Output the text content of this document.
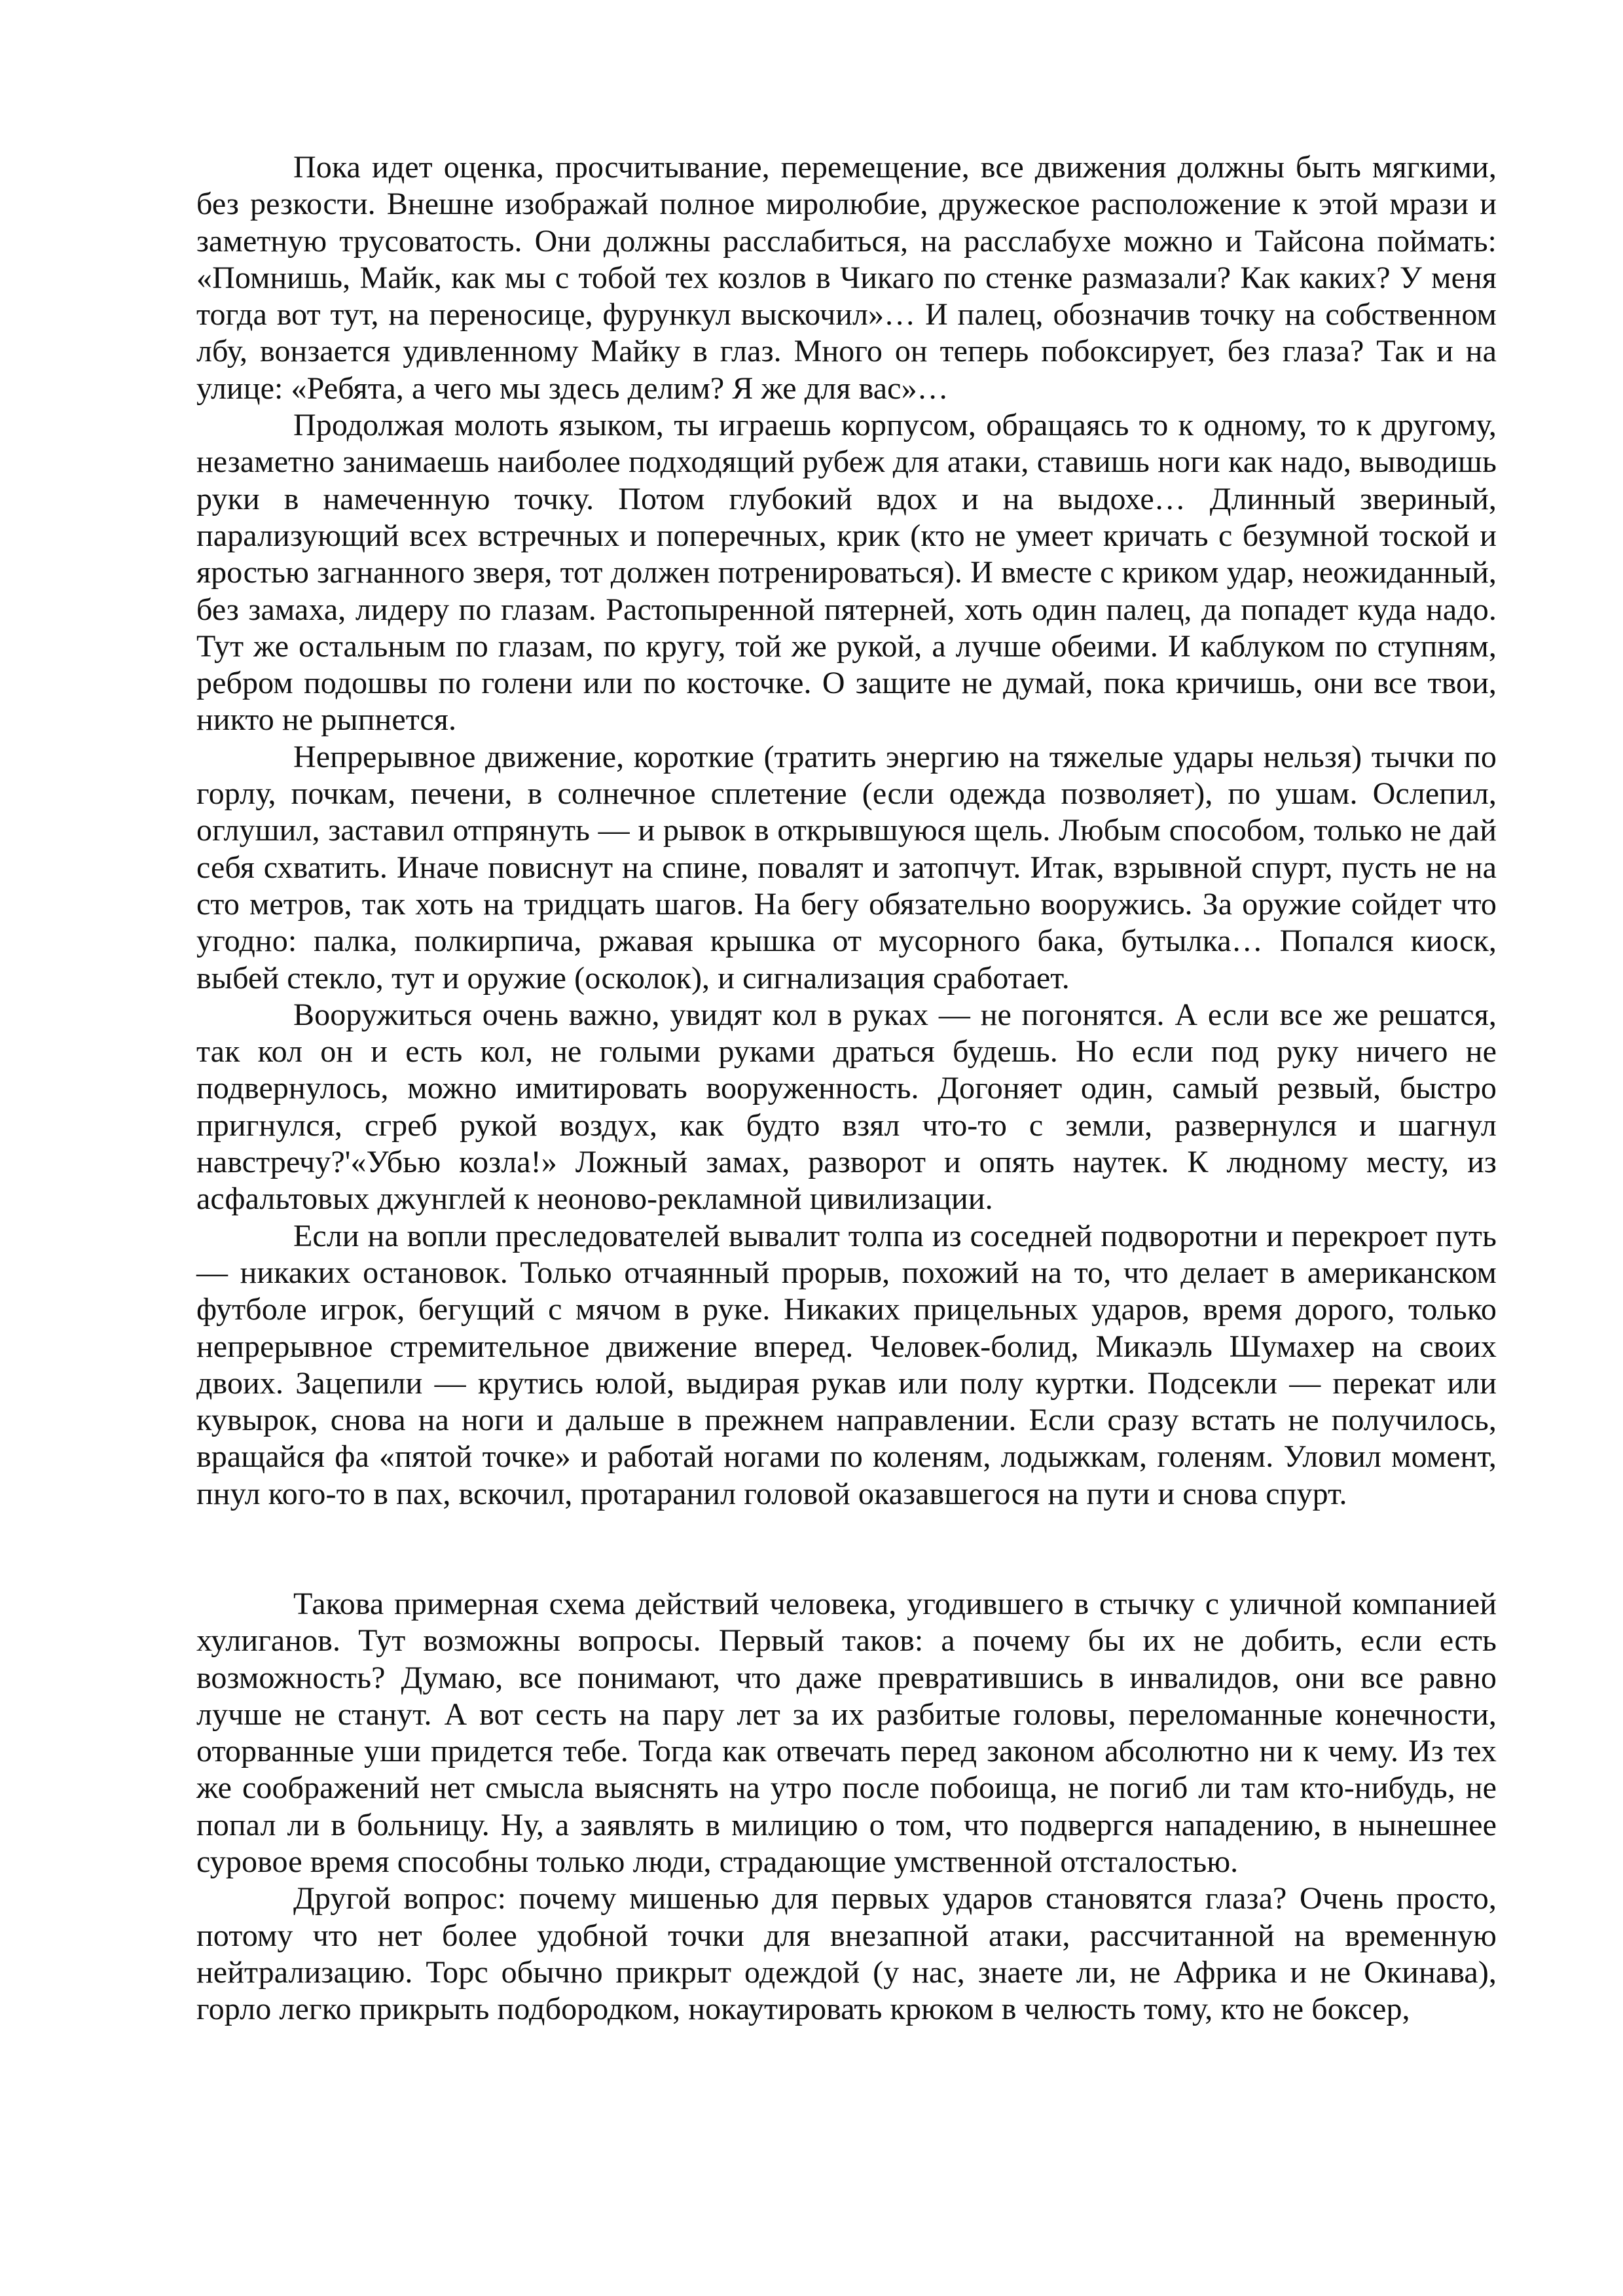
Пока идет оценка, просчитывание, перемещение, все движения должны быть мягкими, без резкости. Внешне изображай полное миролюбие, дружеское расположение к этой мрази и заметную трусоватость. Они должны расслабиться, на расслабухе можно и Тайсона поймать: «Помнишь, Майк, как мы с тобой тех козлов в Чикаго по стенке размазали? Как каких? У меня тогда вот тут, на переносице, фурункул выскочил»… И палец, обозначив точку на собственном лбу, вонзается удивленному Майку в глаз. Много он теперь побоксирует, без глаза? Так и на улице: «Ребята, а чего мы здесь делим? Я же для вас»…

Продолжая молоть языком, ты играешь корпусом, обращаясь то к одному, то к другому, незаметно занимаешь наиболее подходящий рубеж для атаки, ставишь ноги как надо, выводишь руки в намеченную точку. Потом глубокий вдох и на выдохе… Длинный звериный, парализующий всех встречных и поперечных, крик (кто не умеет кричать с безумной тоской и яростью загнанного зверя, тот должен потренироваться). И вместе с криком удар, неожиданный, без замаха, лидеру по глазам. Растопыренной пятерней, хоть один палец, да попадет куда надо. Тут же остальным по глазам, по кругу, той же рукой, а лучше обеими. И каблуком по ступням, ребром подошвы по голени или по косточке. О защите не думай, пока кричишь, они все твои, никто не рыпнется.

Непрерывное движение, короткие (тратить энергию на тяжелые удары нельзя) тычки по горлу, почкам, печени, в солнечное сплетение (если одежда позволяет), по ушам. Ослепил, оглушил, заставил отпрянуть — и рывок в открывшуюся щель. Любым способом, только не дай себя схватить. Иначе повиснут на спине, повалят и затопчут. Итак, взрывной спурт, пусть не на сто метров, так хоть на тридцать шагов. На бегу обязательно вооружись. За оружие сойдет что угодно: палка, полкирпича, ржавая крышка от мусорного бака, бутылка… Попался киоск, выбей стекло, тут и оружие (осколок), и сигнализация сработает.

Вооружиться очень важно, увидят кол в руках — не погонятся. А если все же решатся, так кол он и есть кол, не голыми руками драться будешь. Но если под руку ничего не подвернулось, можно имитировать вооруженность. Догоняет один, самый резвый, быстро пригнулся, сгреб рукой воздух, как будто взял что-то с земли, развернулся и шагнул навстречу?'«Убью козла!» Ложный замах, разворот и опять наутек. К людному месту, из асфальтовых джунглей к неоново-рекламной цивилизации.

Если на вопли преследователей вывалит толпа из соседней подворотни и перекроет путь — никаких остановок. Только отчаянный прорыв, похожий на то, что делает в американском футболе игрок, бегущий с мячом в руке. Никаких прицельных ударов, время дорого, только непрерывное стремительное движение вперед. Человек-болид, Микаэль Шумахер на своих двоих. Зацепили — крутись юлой, выдирая рукав или полу куртки. Подсекли — перекат или кувырок, снова на ноги и дальше в прежнем направлении. Если сразу встать не получилось, вращайся фа «пятой точке» и работай ногами по коленям, лодыжкам, голеням. Уловил момент, пнул кого-то в пах, вскочил, протаранил головой оказавшегося на пути и снова спурт.

Такова примерная схема действий человека, угодившего в стычку с уличной компанией хулиганов. Тут возможны вопросы. Первый таков: а почему бы их не добить, если есть возможность? Думаю, все понимают, что даже превратившись в инвалидов, они все равно лучше не станут. А вот сесть на пару лет за их разбитые головы, переломанные конечности, оторванные уши придется тебе. Тогда как отвечать перед законом абсолютно ни к чему. Из тех же соображений нет смысла выяснять на утро после побоища, не погиб ли там кто-нибудь, не попал ли в больницу. Ну, а заявлять в милицию о том, что подвергся нападению, в нынешнее суровое время способны только люди, страдающие умственной отсталостью.

Другой вопрос: почему мишенью для первых ударов становятся глаза? Очень просто, потому что нет более удобной точки для внезапной атаки, рассчитанной на временную нейтрализацию. Торс обычно прикрыт одеждой (у нас, знаете ли, не Африка и не Окинава), горло легко прикрыть подбородком, нокаутировать крюком в челюсть тому, кто не боксер,
